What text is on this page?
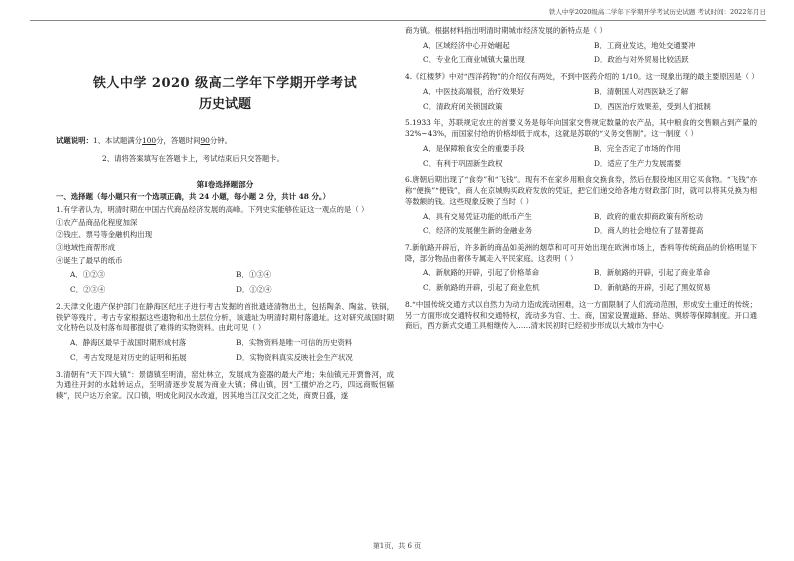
铁人中学2020级高二学年下学期开学考试历史试题 考试时间：2022年月日
铁人中学 2020 级高二学年下学期开学考试
历史试题
试题说明：1、本试题满分100分，答题时间90分钟。
2、请将答案填写在答题卡上，考试结束后只交答题卡。
第Ⅰ卷选择题部分
一、选择题（每小题只有一个选项正确，共 24 小题，每小题 2 分，共计 48 分。）
1.有学者认为，明清时期在中国古代商品经济发展的高峰。下列史实能够佐证这一观点的是（ ）
①农产品商品化程度加深
②钱庄、票号等金融机构出现
③地域性商帮形成
④诞生了最早的纸币
A．①②③	B．①③④
C．②③④	D．①②④
2.天津文化遗产保护部门在静海区纪庄子进行考古发掘的首批遗迹清物出土，包括陶条、陶盆、铁锅，铁铲等残片。考古专家根据这些遗物和出土层位分析，该遗址为明清时期村落遗址。这对研究战国时期文化特色以及村落布局都提供了难得的实物资料。由此可见（ ）
A．静海区最早于战国时期形成村落	B．实物资料是唯一可信的历史资料
C．考古发现是对历史的证明和拓展	D．实物资料真实反映社会生产状况
3.清朝有“天下四大镇”：景德镇至明清，窑灶林立，发展成为瓷器的最大产地；朱仙镇元开贾鲁河，成为通往开封的水陆转运点，至明清逐步发展为商业大镇；佛山镇，因“工擅炉冶之巧，四远商贩恒辐辏”，民户达万余家。汉口镇，明成化间汉水改道，因其地当江汉交汇之处，商贾日盛，遂
商为镇。根据材料指出明清时期城市经济发展的新特点是（ ）
A．区域经济中心开始崛起	B．工商业发达，地处交通要冲
C．专业化工商业城镇大量出现	D．政治与对外贸易比较活跃
4.《红楼梦》中对“西洋药物”的介绍仅有两处，不到中医药介绍的 1/10。这一现象出现的最主要原因是（ ）
A．中医技高端很，治疗效果好	B．清朝国人对西医缺乏了解
C．清政府闭关锁国政策	D．西医治疗效果差，受到人们抵制
5.1933 年，苏联规定农庄的首要义务是每年向国家交售规定数量的农产品，其中粮食的交售额占到产量的 32%~43%，而国家付给的价格却低于成本，这就是苏联的“义务交售制”。这一制度（ ）
A．是保障粮食安全的重要手段	B．完全否定了市场的作用
C．有利于巩固新生政权	D．适应了生产力发展需要
6.唐朝后期出现了“食券”和“飞钱”。现有不在家乡用粮食交换食券，然后在服役地区用它买食物。“飞钱”亦称“便换”“便钱”，商人在京城购买政府发放的凭证，把它们递交给各地方财政部门时，就可以将其兑换为相等数额的钱。这些现象反映了当时（ ）
A．具有交易凭证功能的纸币产生	B．政府的重农抑商政策有所松动
C．经济的发展催生新的金融业务	D．商人的社会地位有了显著提高
7.新航路开辟后，许多新的商品如美洲的烟草和可可开始出现在欧洲市场上，香料等传统商品的价格明显下降，部分物品由奢侈专属走入平民家庭。这表明（ ）
A．新航路的开辟，引起了价格革命	B．新航路的开辟，引起了商业革命
C．新航路的开辟，引起了商业危机	D．新航路的开辟，引起了黑奴贸易
8.“中国传统交通方式以自然力为动力造成流动困难，这一方面限制了人们流动范围，形成安土重迁的传统；另一方面形成交通特权和交通特权，流动多为官、士、商，国家设置道路、驿站、舆轿等保障制度。开口通商后，西方新式交通工具相继传入……清末民初时已经初步形成以大城市为中心
第1页，共 6 页
